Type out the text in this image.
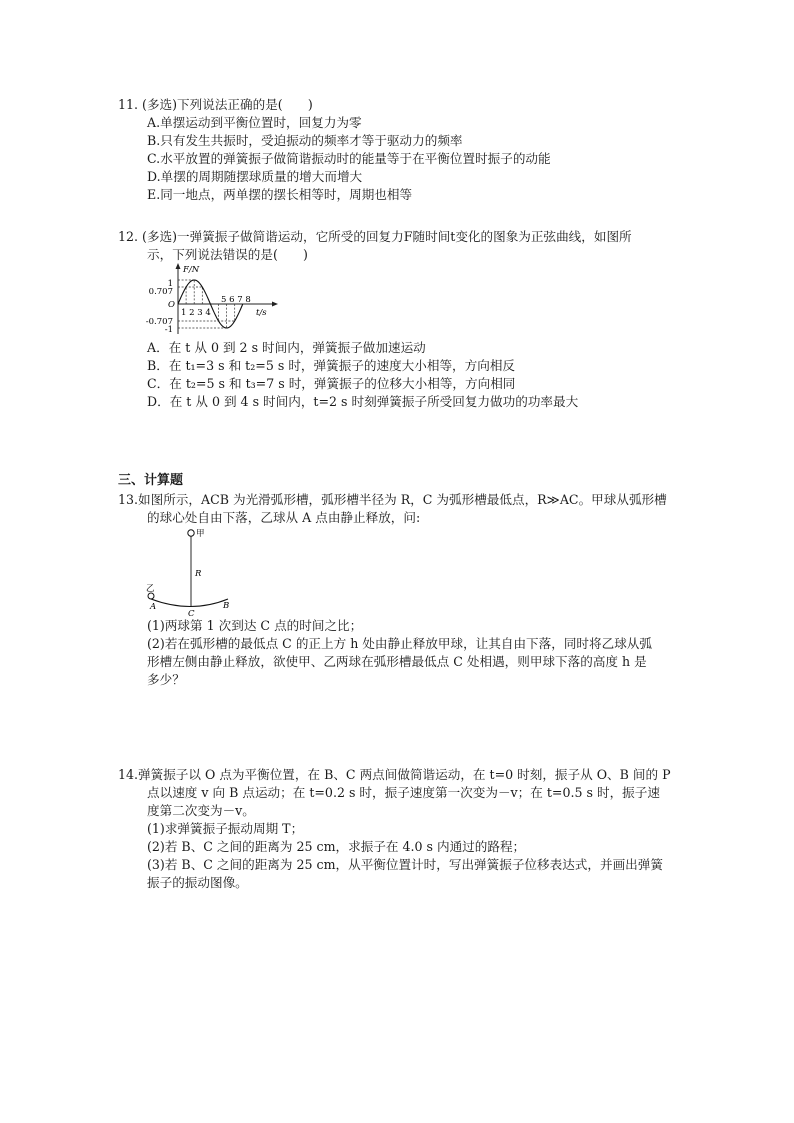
11. (多选)下列说法正确的是(　　)
A.单摆运动到平衡位置时，回复力为零
B.只有发生共振时，受迫振动的频率才等于驱动力的频率
C.水平放置的弹簧振子做简谐振动时的能量等于在平衡位置时振子的动能
D.单摆的周期随摆球质量的增大而增大
E.同一地点，两单摆的摆长相等时，周期也相等
12. (多选)一弹簧振子做简谐运动，它所受的回复力F随时间t变化的图象为正弦曲线，如图所
示，下列说法错误的是(　　)
F/N
t/s
1
0.707
O
-0.707
-1
1 2 3 4
5 6 7 8
A．在 t 从 0 到 2 s 时间内，弹簧振子做加速运动
B．在 t₁=3 s 和 t₂=5 s 时，弹簧振子的速度大小相等，方向相反
C．在 t₂=5 s 和 t₃=7 s 时，弹簧振子的位移大小相等，方向相同
D．在 t 从 0 到 4 s 时间内，t=2 s 时刻弹簧振子所受回复力做功的功率最大
三、计算题
13.如图所示，ACB 为光滑弧形槽，弧形槽半径为 R，C 为弧形槽最低点，R≫AC。甲球从弧形槽
的球心处自由下落，乙球从 A 点由静止释放，问:
甲
R
乙
A
C
B
(1)两球第 1 次到达 C 点的时间之比；
(2)若在弧形槽的最低点 C 的正上方 h 处由静止释放甲球，让其自由下落，同时将乙球从弧
形槽左侧由静止释放，欲使甲、乙两球在弧形槽最低点 C 处相遇，则甲球下落的高度 h 是
多少？
14.弹簧振子以 O 点为平衡位置，在 B、C 两点间做简谐运动，在 t=0 时刻，振子从 O、B 间的 P
点以速度 v 向 B 点运动；在 t=0.2 s 时，振子速度第一次变为－v；在 t=0.5 s 时，振子速
度第二次变为－v。
(1)求弹簧振子振动周期 T；
(2)若 B、C 之间的距离为 25 cm，求振子在 4.0 s 内通过的路程；
(3)若 B、C 之间的距离为 25 cm，从平衡位置计时，写出弹簧振子位移表达式，并画出弹簧
振子的振动图像。
